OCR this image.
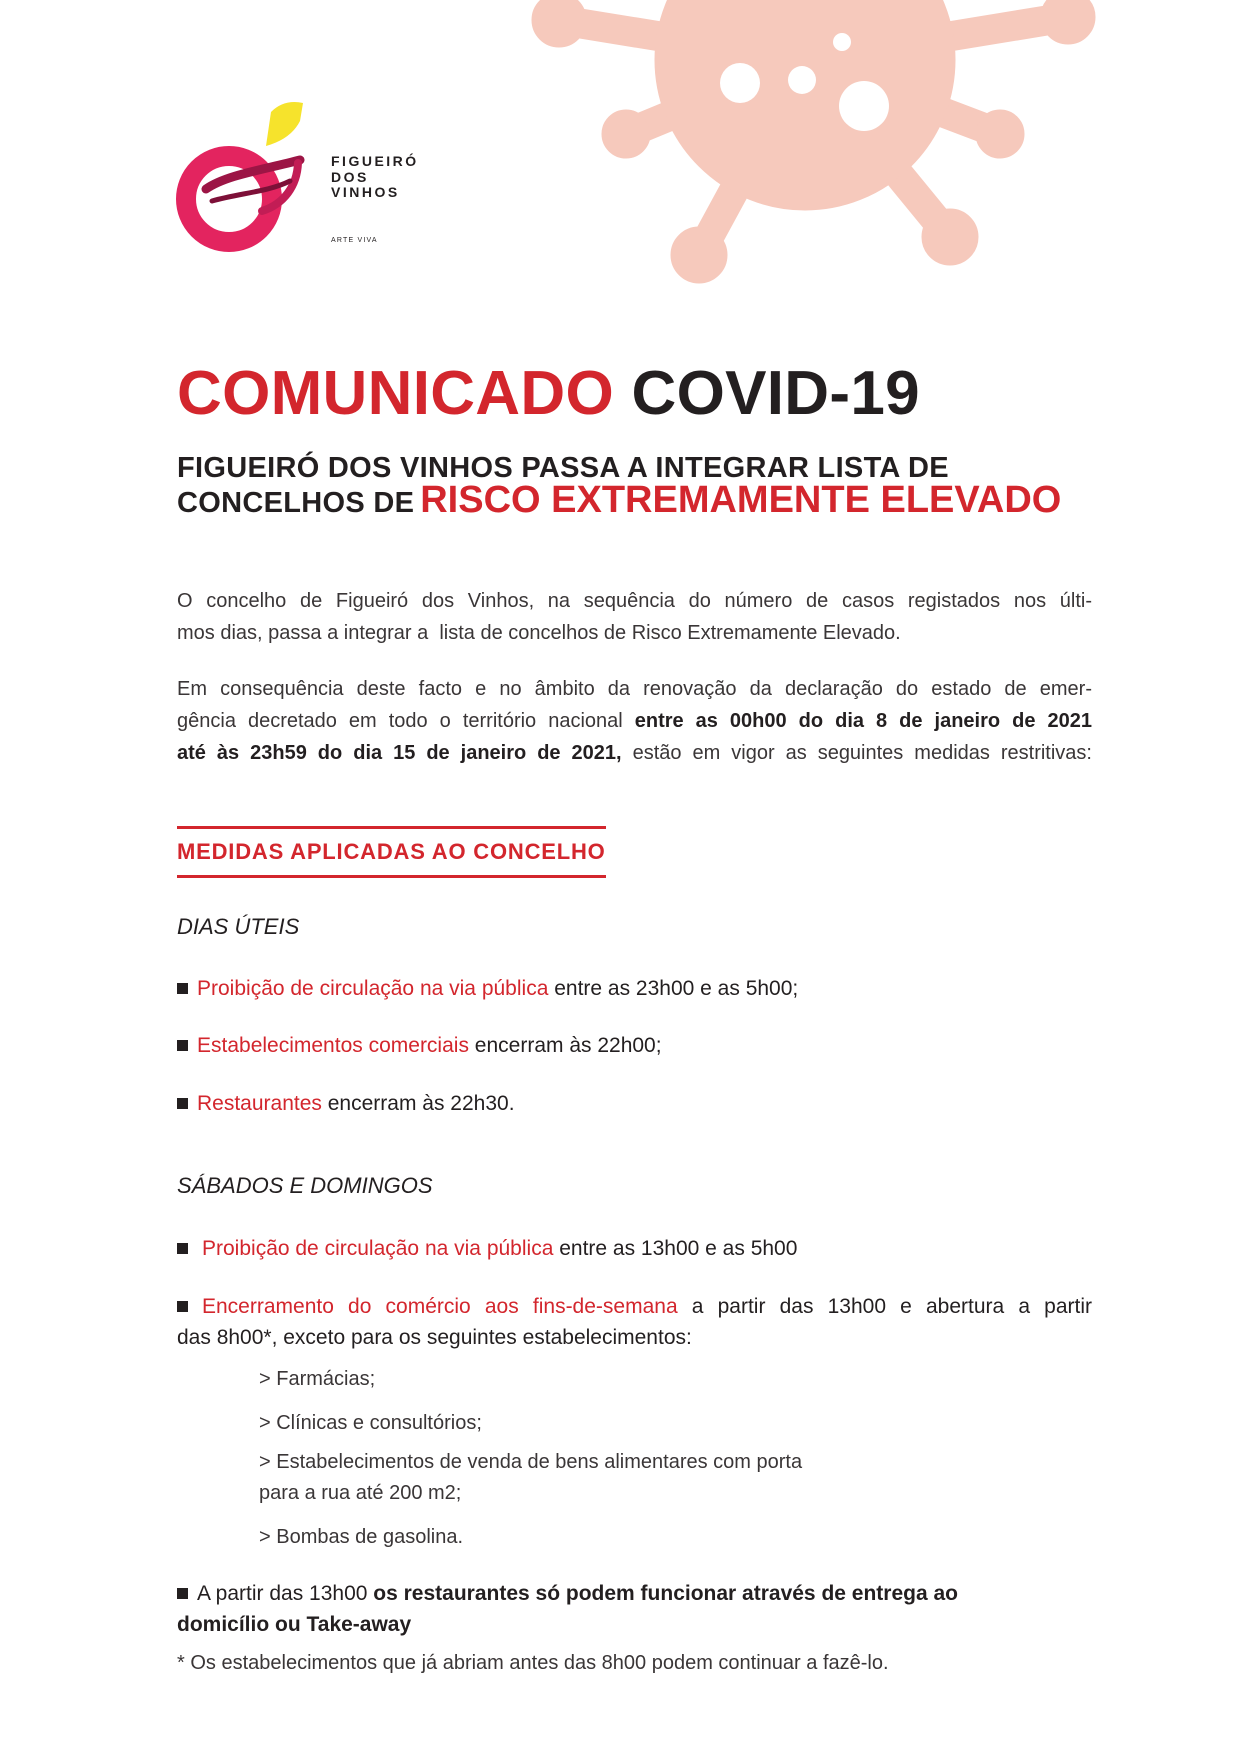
FIGUEIRÓ
DOS
VINHOS
ARTE VIVA
COMUNICADO COVID-19
FIGUEIRÓ DOS VINHOS PASSA A INTEGRAR LISTA DE
CONCELHOS DE RISCO EXTREMAMENTE ELEVADO
O concelho de Figueiró dos Vinhos, na sequência do número de casos registados nos últi-
mos dias, passa a integrar a  lista de concelhos de Risco Extremamente Elevado.
Em consequência deste facto e no âmbito da renovação da declaração do estado de emer-
gência decretado em todo o território nacional entre as 00h00 do dia 8 de janeiro de 2021
até às 23h59 do dia 15 de janeiro de 2021, estão em vigor as seguintes medidas restritivas:
MEDIDAS APLICADAS AO CONCELHO
DIAS ÚTEIS
Proibição de circulação na via pública entre as 23h00 e as 5h00;
Estabelecimentos comerciais encerram às 22h00;
Restaurantes encerram às 22h30.
SÁBADOS E DOMINGOS
Proibição de circulação na via pública entre as 13h00 e as 5h00
Encerramento do comércio aos fins-de-semana a partir das 13h00 e abertura a partir
das 8h00*, exceto para os seguintes estabelecimentos:
> Farmácias;
> Clínicas e consultórios;
> Estabelecimentos de venda de bens alimentares com porta
para a rua até 200 m2;
> Bombas de gasolina.
A partir das 13h00 os restaurantes só podem funcionar através de entrega ao
domicílio ou Take-away
* Os estabelecimentos que já abriam antes das 8h00 podem continuar a fazê-lo.
